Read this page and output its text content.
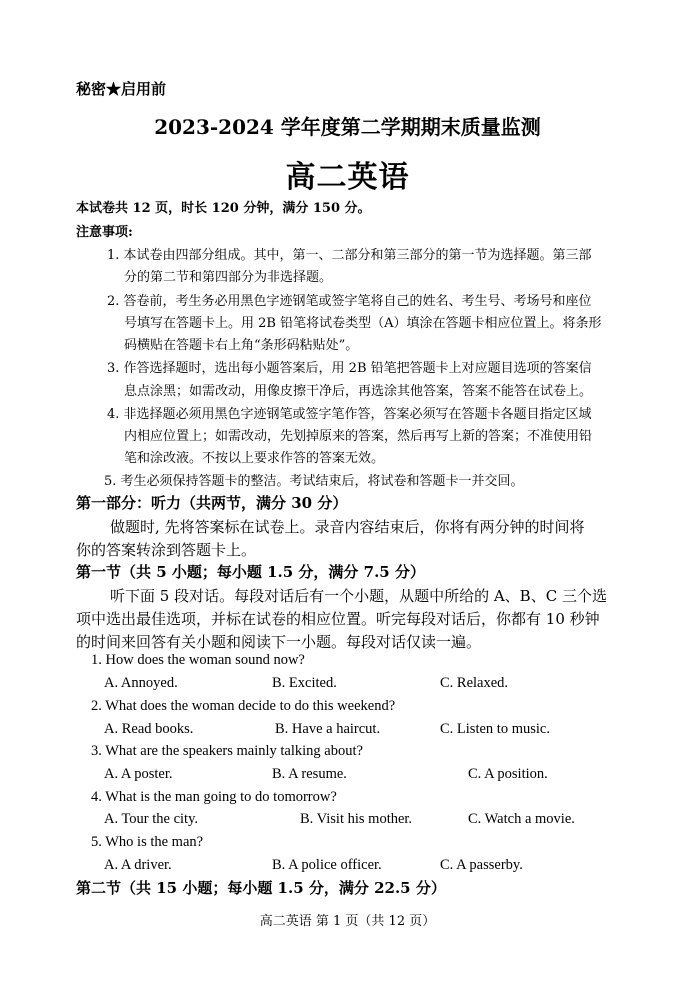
秘密★启用前
2023-2024 学年度第二学期期末质量监测
高二英语
本试卷共 12 页，时长 120 分钟，满分 150 分。
注意事项:
1. 本试卷由四部分组成。其中，第一、二部分和第三部分的第一节为选择题。第三部
分的第二节和第四部分为非选择题。
2. 答卷前，考生务必用黑色字迹钢笔或签字笔将自己的姓名、考生号、考场号和座位
号填写在答题卡上。用 2B 铅笔将试卷类型（A）填涂在答题卡相应位置上。将条形
码横贴在答题卡右上角“条形码粘贴处”。
3. 作答选择题时，选出每小题答案后，用 2B 铅笔把答题卡上对应题目选项的答案信
息点涂黑；如需改动，用像皮擦干净后，再选涂其他答案，答案不能答在试卷上。
4. 非选择题必须用黑色字迹钢笔或签字笔作答，答案必须写在答题卡各题目指定区域
内相应位置上；如需改动，先划掉原来的答案，然后再写上新的答案；不准使用铅
笔和涂改液。不按以上要求作答的答案无效。
5. 考生必须保持答题卡的整洁。考试结束后，将试卷和答题卡一并交回。
第一部分：听力（共两节，满分 30 分）
做题时, 先将答案标在试卷上。录音内容结束后，你将有两分钟的时间将
你的答案转涂到答题卡上。
第一节（共 5 小题；每小题 1.5 分，满分 7.5 分）
听下面 5 段对话。每段对话后有一个小题，从题中所给的 A、B、C 三个选
项中选出最佳选项，并标在试卷的相应位置。听完每段对话后，你都有 10 秒钟
的时间来回答有关小题和阅读下一小题。每段对话仅读一遍。
1. How does the woman sound now?
A. Annoyed.	B. Excited.	C. Relaxed.
2. What does the woman decide to do this weekend?
A. Read books.	B. Have a haircut.	C. Listen to music.
3. What are the speakers mainly talking about?
A. A poster.	B. A resume.	C. A position.
4. What is the man going to do tomorrow?
A. Tour the city.	B. Visit his mother.	C. Watch a movie.
5. Who is the man?
A. A driver.	B. A police officer.	C. A passerby.
第二节（共 15 小题；每小题 1.5 分，满分 22.5 分）
高二英语 第 1 页（共 12 页）
